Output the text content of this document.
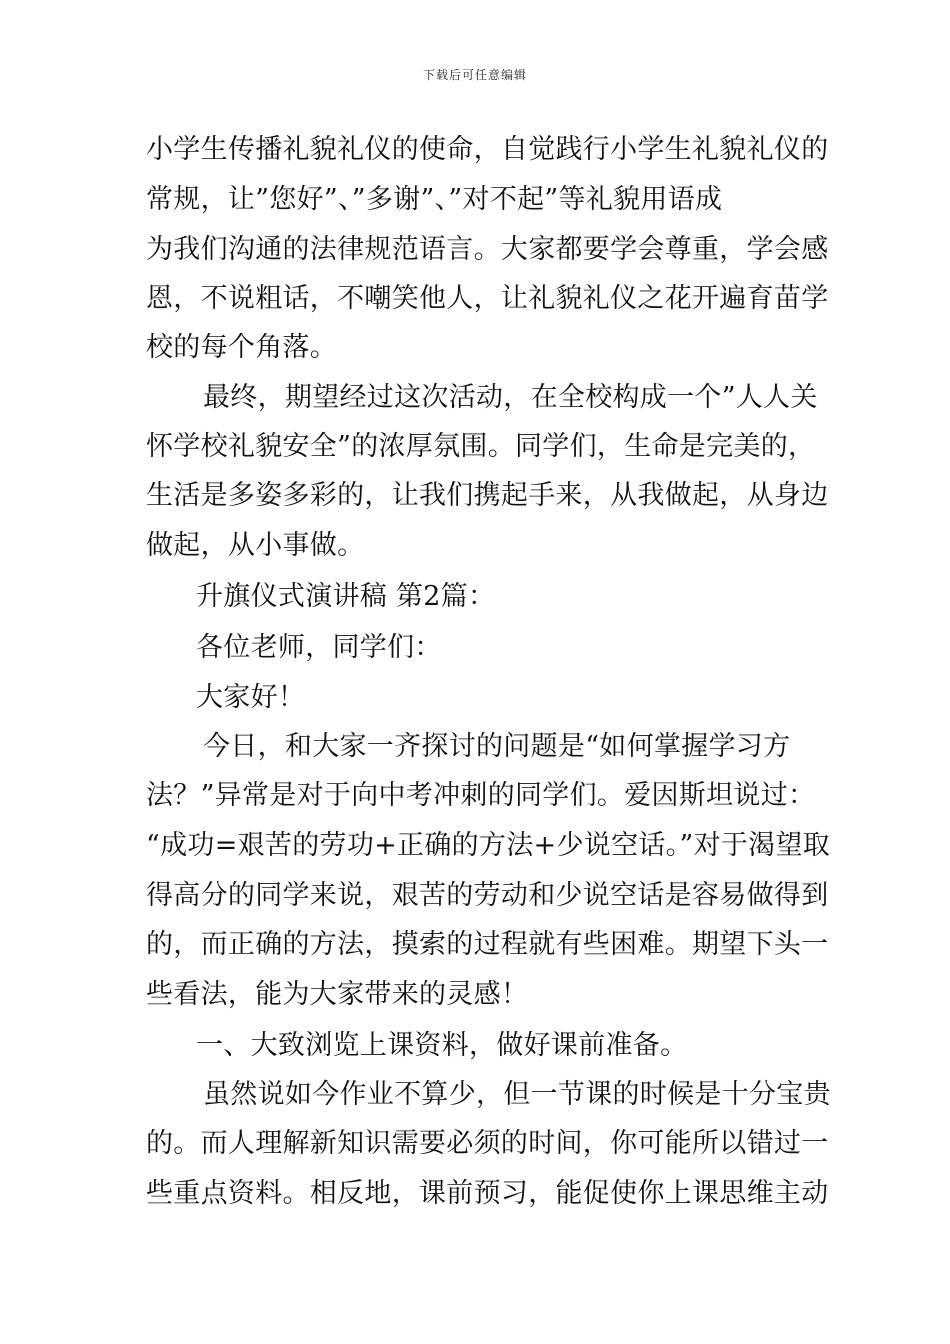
下载后可任意编辑
小学生传播礼貌礼仪的使命，自觉践行小学生礼貌礼仪的
常规，让”您好”、”多谢”、”对不起”等礼貌用语成
为我们沟通的法律规范语言。大家都要学会尊重，学会感
恩，不说粗话，不嘲笑他人，让礼貌礼仪之花开遍育苗学
校的每个角落。
最终，期望经过这次活动，在全校构成一个”人人关
怀学校礼貌安全”的浓厚氛围。同学们，生命是完美的，
生活是多姿多彩的，让我们携起手来，从我做起，从身边
做起，从小事做。
升旗仪式演讲稿 第2篇：
各位老师，同学们：
大家好！
今日，和大家一齐探讨的问题是“如何掌握学习方
法？”异常是对于向中考冲刺的同学们。爱因斯坦说过：
“成功=艰苦的劳功+正确的方法+少说空话。”对于渴望取
得高分的同学来说，艰苦的劳动和少说空话是容易做得到
的，而正确的方法，摸索的过程就有些困难。期望下头一
些看法，能为大家带来的灵感！
一、大致浏览上课资料，做好课前准备。
虽然说如今作业不算少，但一节课的时候是十分宝贵
的。而人理解新知识需要必须的时间，你可能所以错过一
些重点资料。相反地，课前预习，能促使你上课思维主动
